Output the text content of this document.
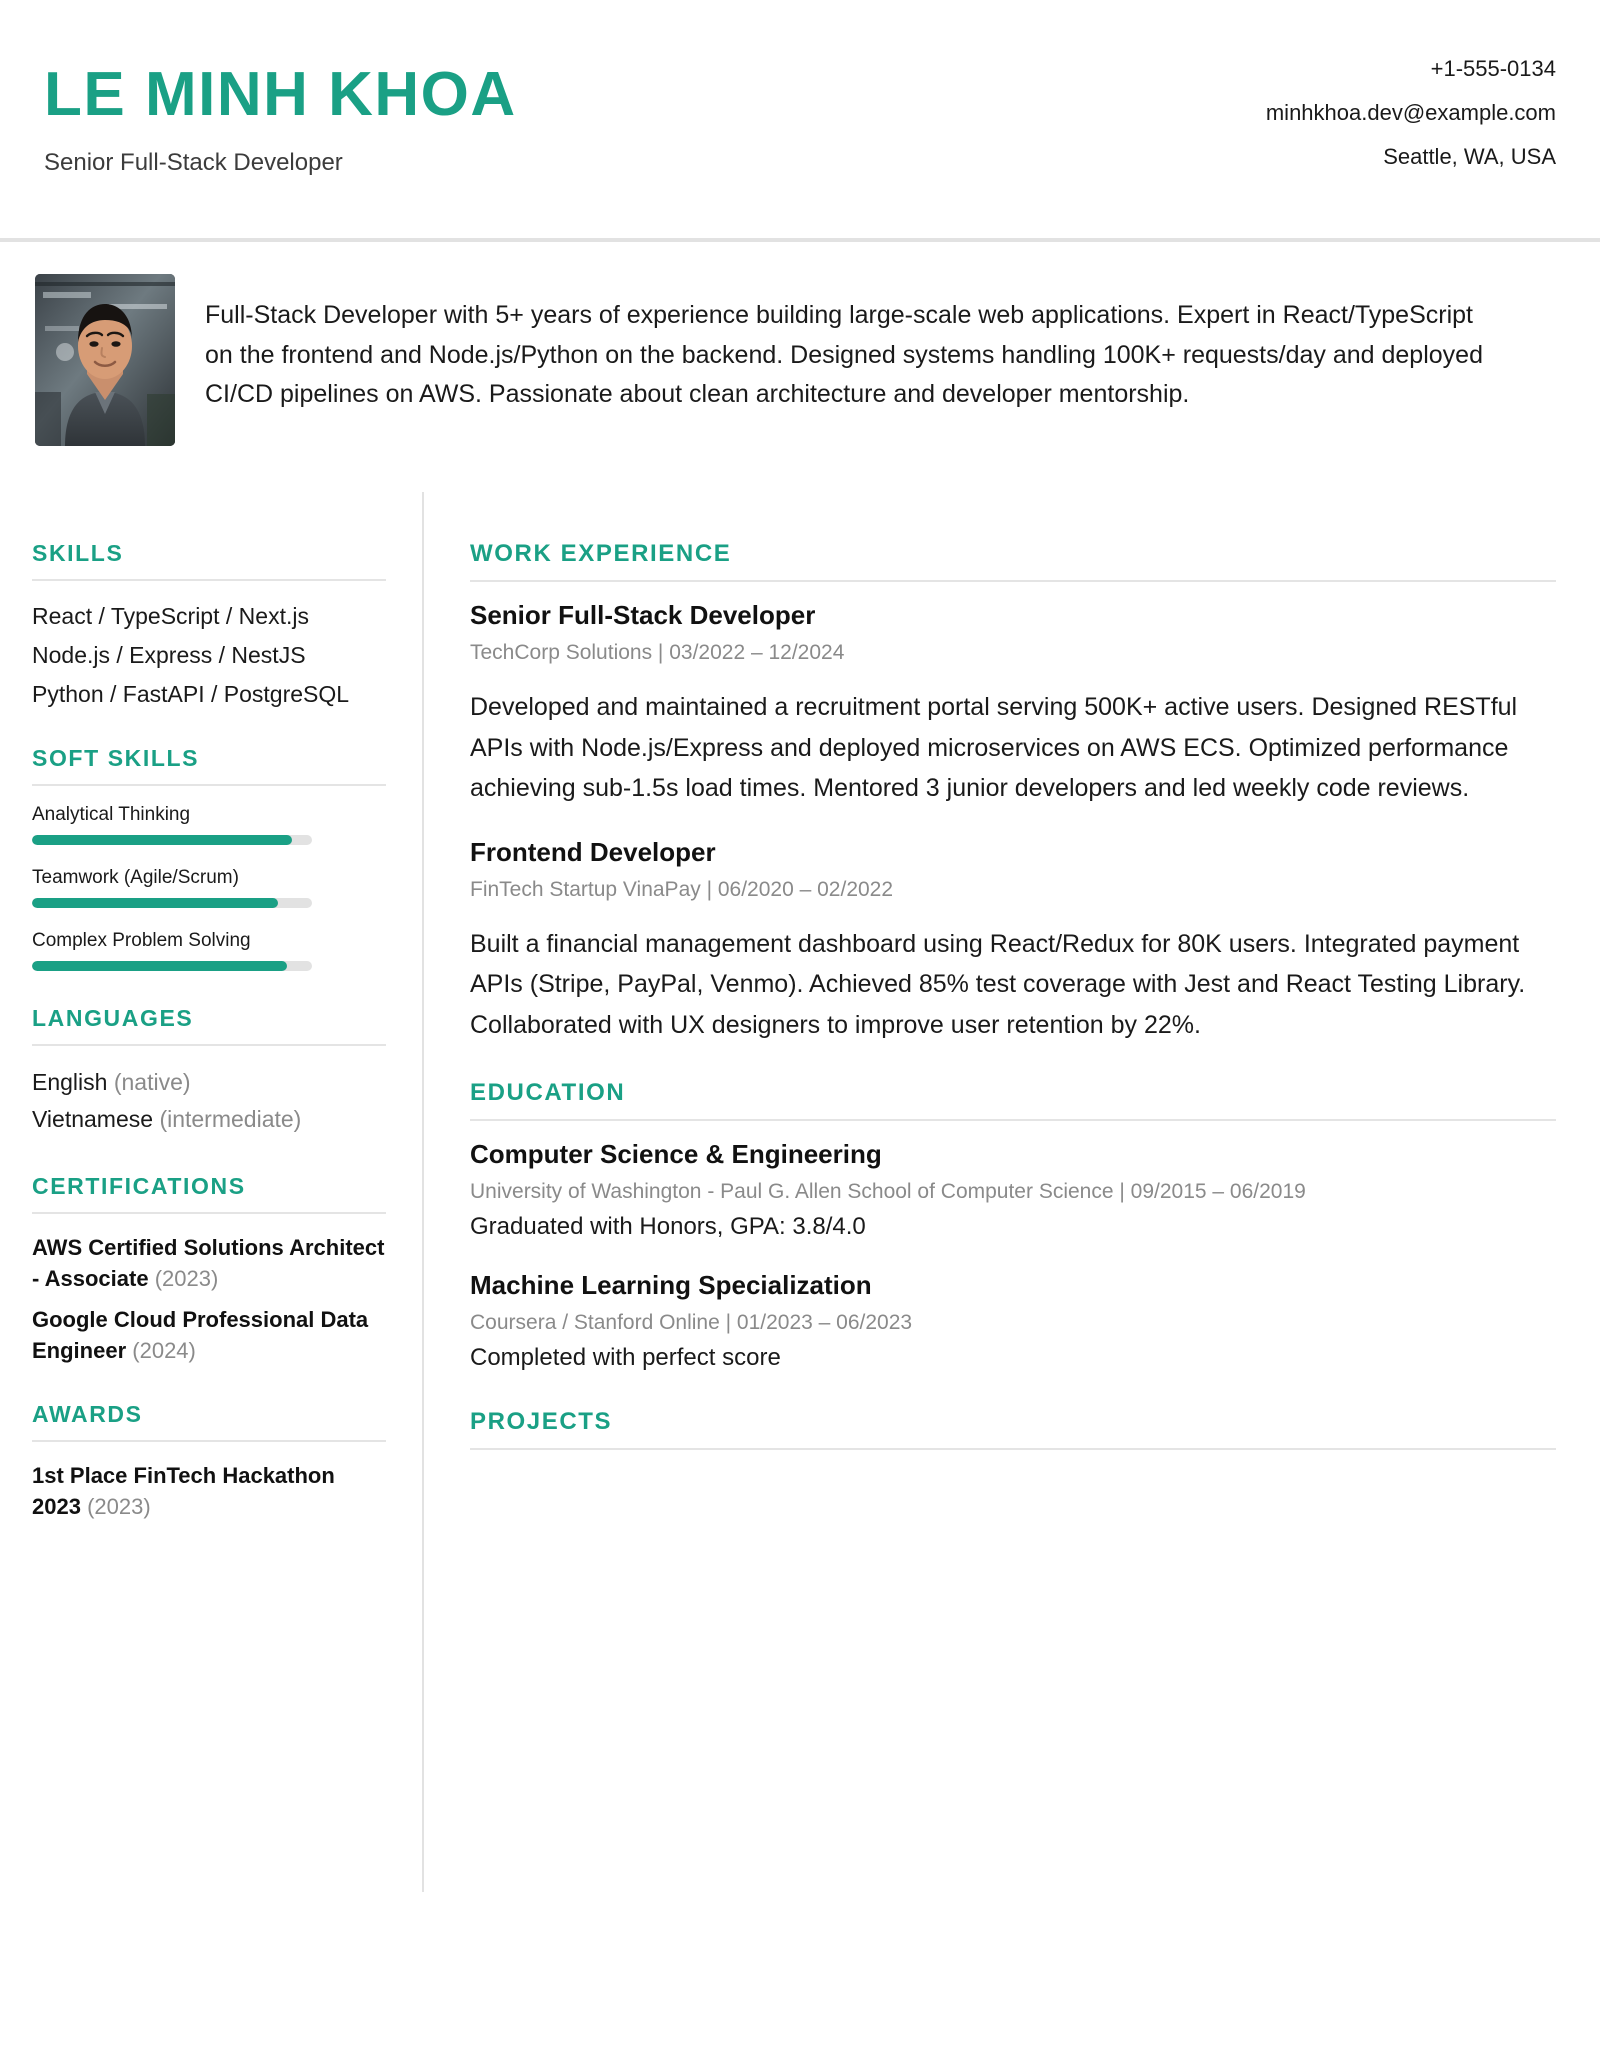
LE MINH KHOA
Senior Full-Stack Developer
+1-555-0134
minhkhoa.dev@example.com
Seattle, WA, USA
Full-Stack Developer with 5+ years of experience building large-scale web applications. Expert in React/TypeScript on the frontend and Node.js/Python on the backend. Designed systems handling 100K+ requests/day and deployed CI/CD pipelines on AWS. Passionate about clean architecture and developer mentorship.
SKILLS
React / TypeScript / Next.js
Node.js / Express / NestJS
Python / FastAPI / PostgreSQL
SOFT SKILLS
Analytical Thinking
Teamwork (Agile/Scrum)
Complex Problem Solving
LANGUAGES
English (native)
Vietnamese (intermediate)
CERTIFICATIONS
AWS Certified Solutions Architect - Associate (2023)
Google Cloud Professional Data Engineer (2024)
AWARDS
1st Place FinTech Hackathon 2023 (2023)
WORK EXPERIENCE
Senior Full-Stack Developer
TechCorp Solutions | 03/2022 – 12/2024
Developed and maintained a recruitment portal serving 500K+ active users. Designed RESTful APIs with Node.js/Express and deployed microservices on AWS ECS. Optimized performance achieving sub-1.5s load times. Mentored 3 junior developers and led weekly code reviews.
Frontend Developer
FinTech Startup VinaPay | 06/2020 – 02/2022
Built a financial management dashboard using React/Redux for 80K users. Integrated payment APIs (Stripe, PayPal, Venmo). Achieved 85% test coverage with Jest and React Testing Library. Collaborated with UX designers to improve user retention by 22%.
EDUCATION
Computer Science & Engineering
University of Washington - Paul G. Allen School of Computer Science | 09/2015 – 06/2019
Graduated with Honors, GPA: 3.8/4.0
Machine Learning Specialization
Coursera / Stanford Online | 01/2023 – 06/2023
Completed with perfect score
PROJECTS
